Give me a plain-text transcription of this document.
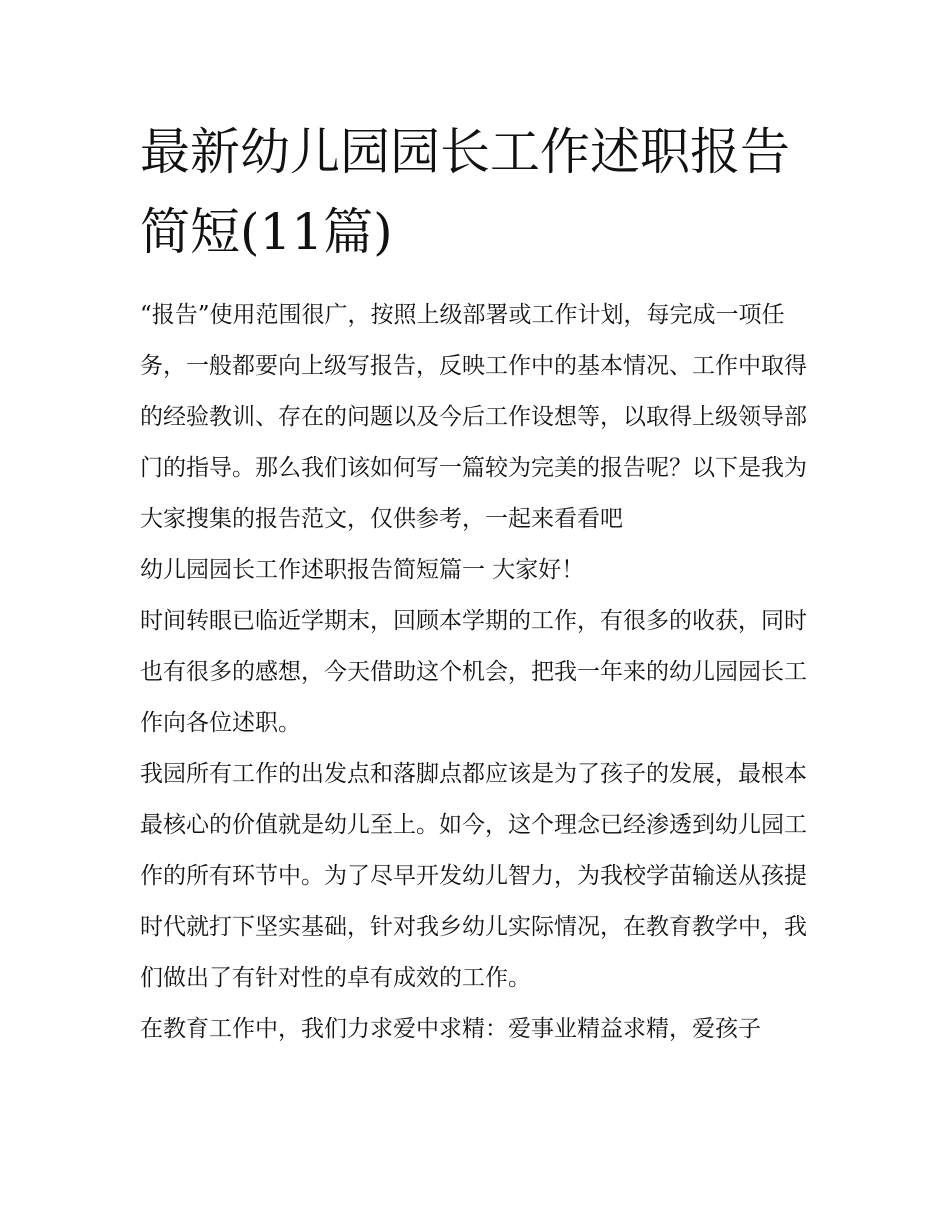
最新幼儿园园长工作述职报告简短(11篇)

“报告”使用范围很广，按照上级部署或工作计划，每完成一项任务，一般都要向上级写报告，反映工作中的基本情况、工作中取得的经验教训、存在的问题以及今后工作设想等，以取得上级领导部门的指导。那么我们该如何写一篇较为完美的报告呢？以下是我为大家搜集的报告范文，仅供参考，一起来看看吧

幼儿园园长工作述职报告简短篇一 大家好！

时间转眼已临近学期末，回顾本学期的工作，有很多的收获，同时也有很多的感想，今天借助这个机会，把我一年来的幼儿园园长工作向各位述职。

我园所有工作的出发点和落脚点都应该是为了孩子的发展，最根本最核心的价值就是幼儿至上。如今，这个理念已经渗透到幼儿园工作的所有环节中。为了尽早开发幼儿智力，为我校学苗输送从孩提时代就打下坚实基础，针对我乡幼儿实际情况，在教育教学中，我们做出了有针对性的卓有成效的工作。

在教育工作中，我们力求爱中求精：爱事业精益求精，爱孩子
